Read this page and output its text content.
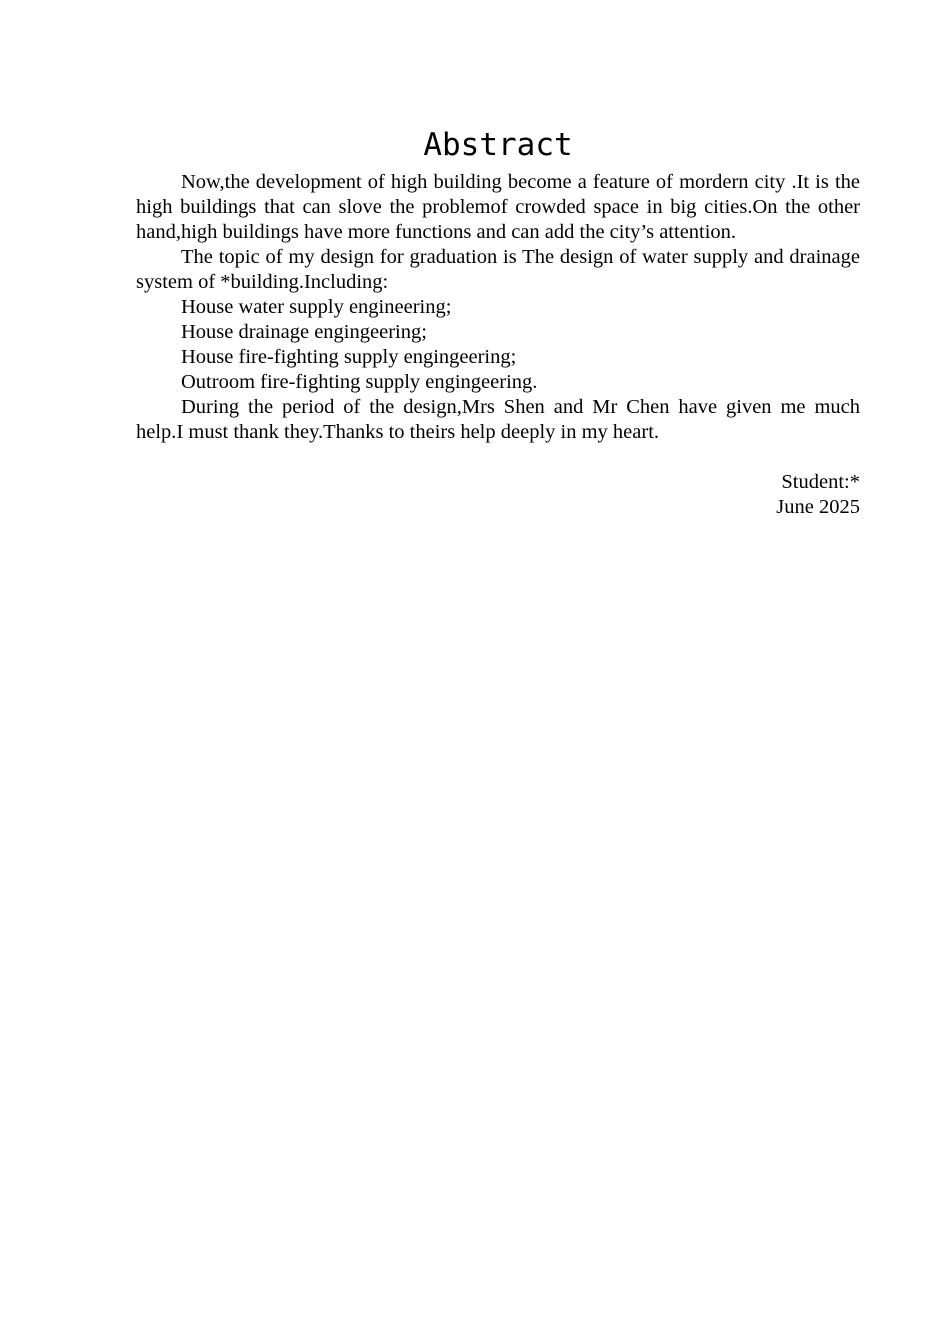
Abstract

Now,the development of high building become a feature of mordern city .It is the high buildings that can slove the problemof crowded space in big cities.On the other hand,high buildings have more functions and can add the city’s attention.

The topic of my design for graduation is The design of water supply and drainage system of *building.Including:

House water supply engineering;

House drainage engingeering;

House fire-fighting supply engingeering;

Outroom fire-fighting supply engingeering.

During the period of the design,Mrs Shen and Mr Chen have given me much help.I must thank they.Thanks to theirs help deeply in my heart.

Student:*

June 2025
